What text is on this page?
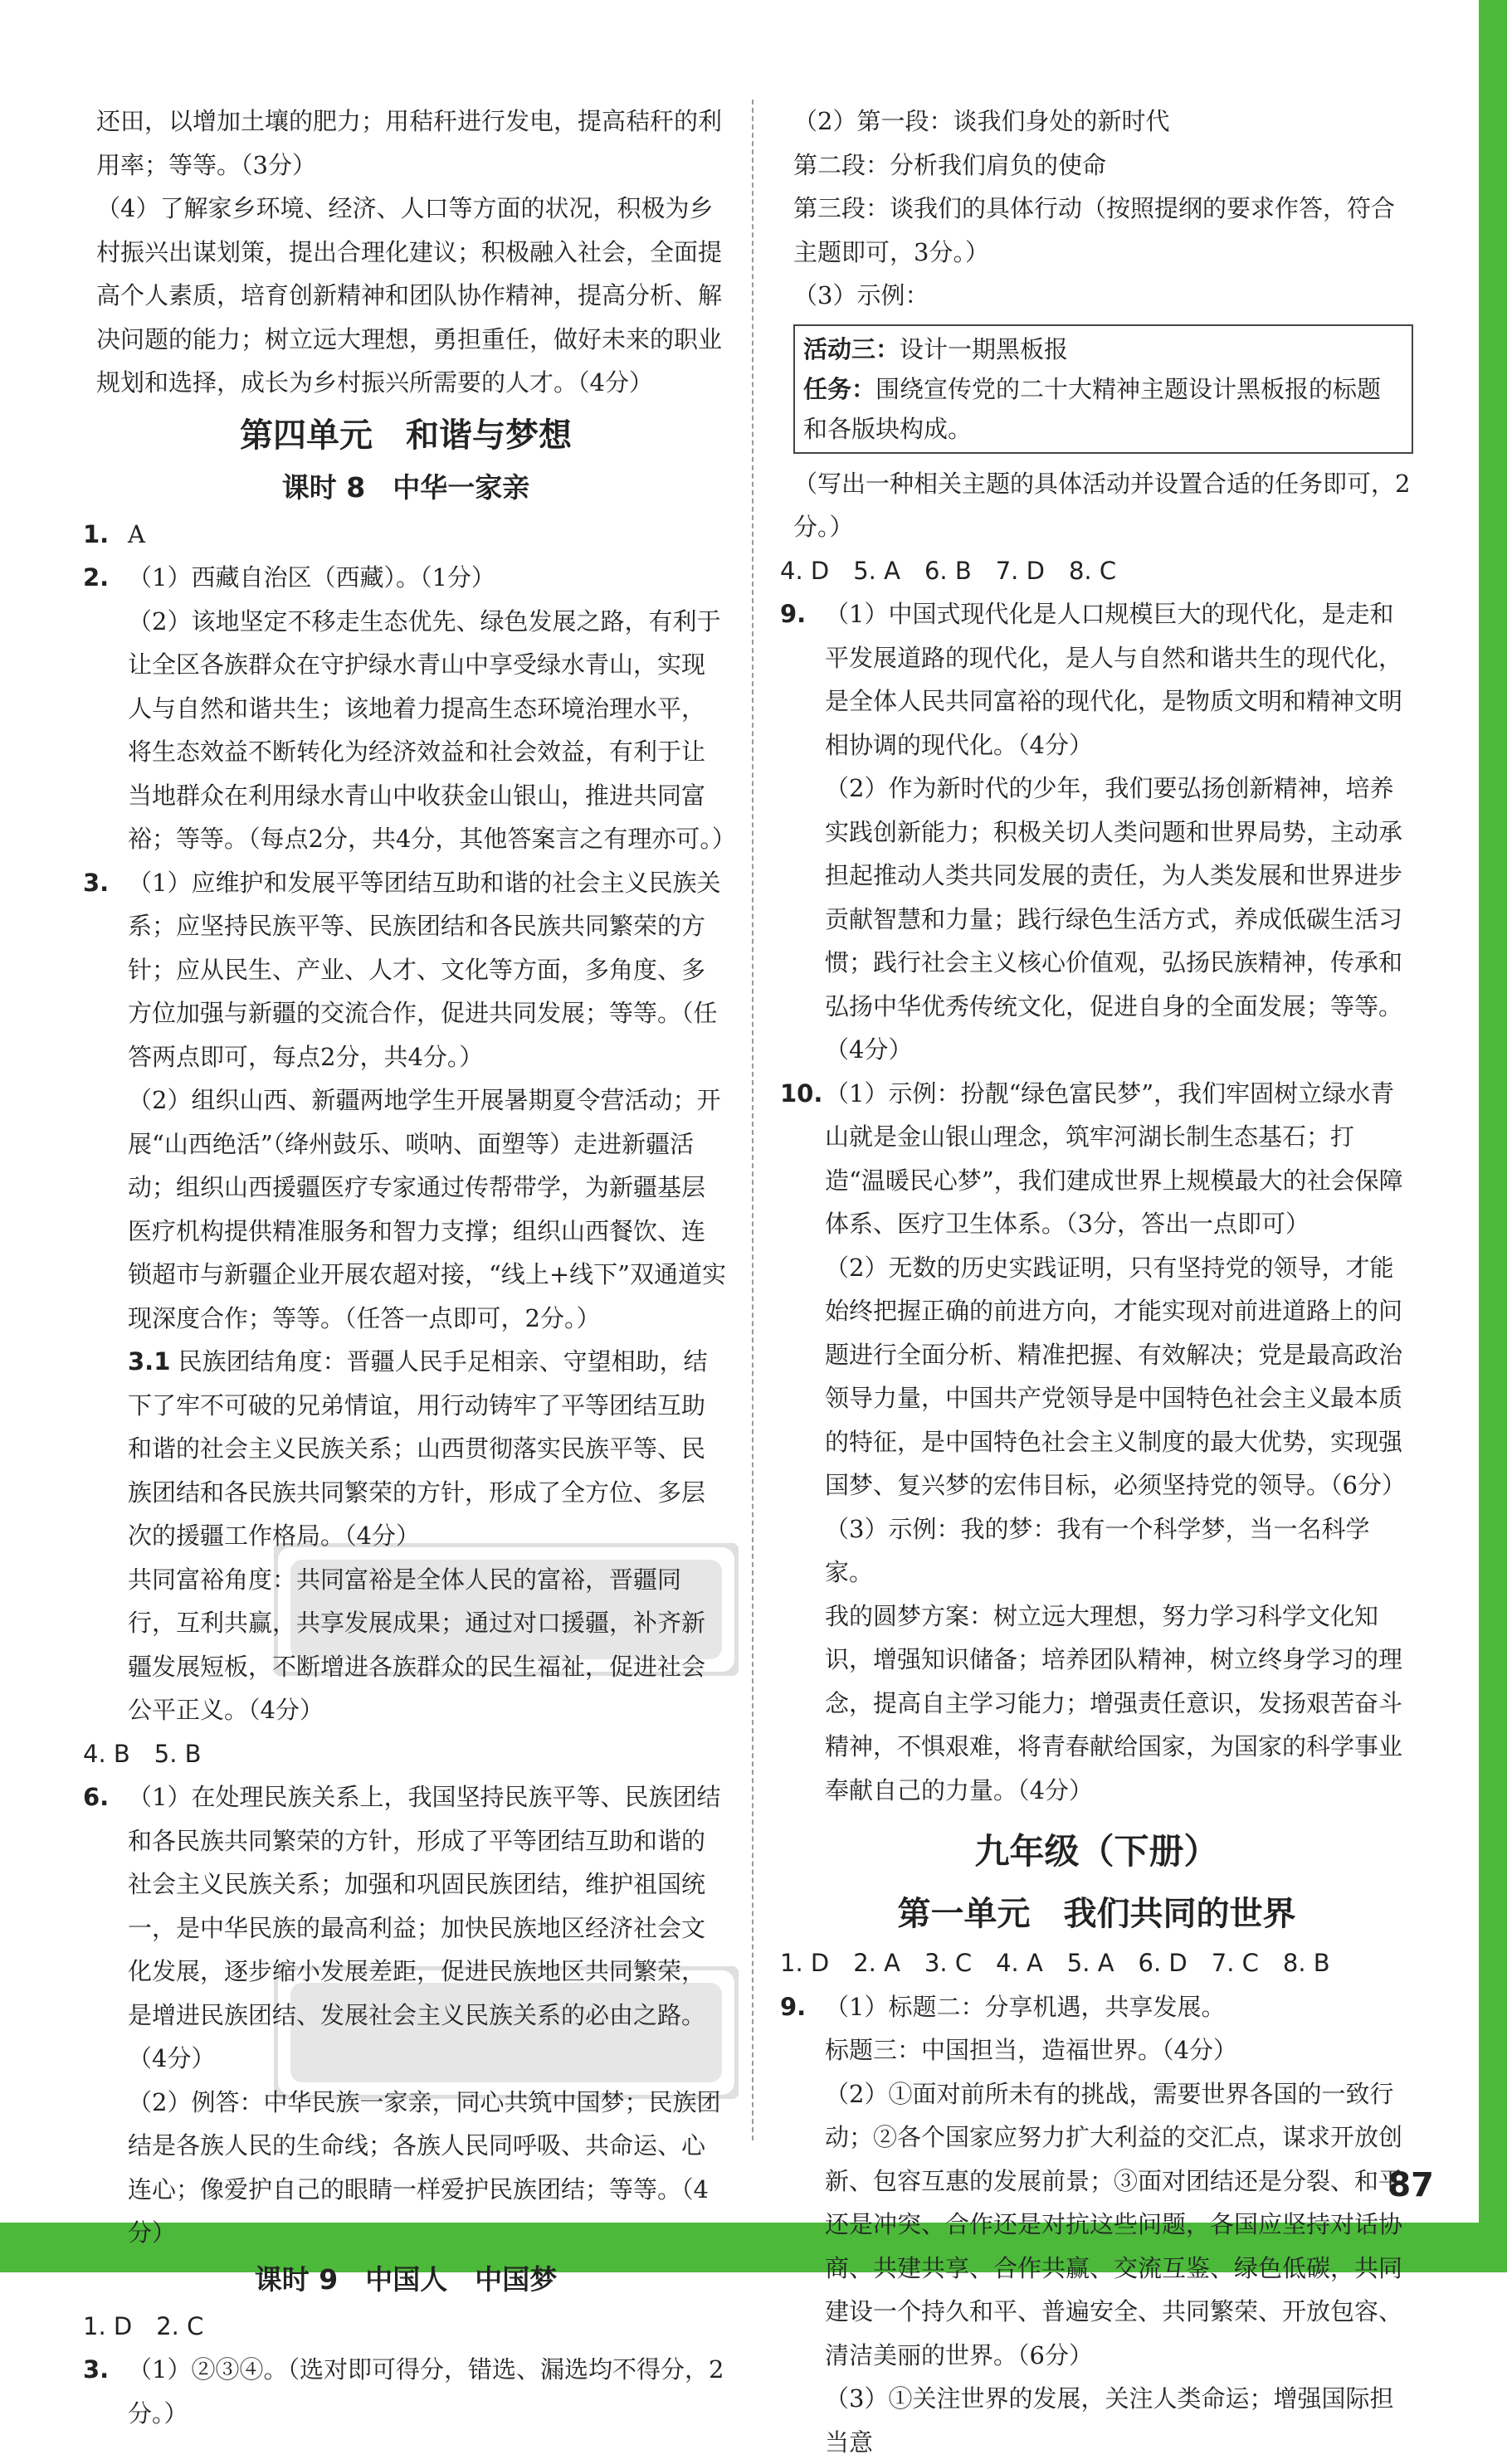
还田，以增加土壤的肥力；用秸秆进行发电，提高秸秆的利用率；等等。（3分）

（4）了解家乡环境、经济、人口等方面的状况，积极为乡村振兴出谋划策，提出合理化建议；积极融入社会，全面提高个人素质，培育创新精神和团队协作精神，提高分析、解决问题的能力；树立远大理想，勇担重任，做好未来的职业规划和选择，成长为乡村振兴所需要的人才。（4分）

第四单元　和谐与梦想
课时 8　中华一家亲
1. A
2. （1）西藏自治区（西藏）。（1分）
（2）该地坚定不移走生态优先、绿色发展之路，有利于让全区各族群众在守护绿水青山中享受绿水青山，实现人与自然和谐共生；该地着力提高生态环境治理水平，将生态效益不断转化为经济效益和社会效益，有利于让当地群众在利用绿水青山中收获金山银山，推进共同富裕；等等。（每点2分，共4分，其他答案言之有理亦可。）
3. （1）应维护和发展平等团结互助和谐的社会主义民族关系；应坚持民族平等、民族团结和各民族共同繁荣的方针；应从民生、产业、人才、文化等方面，多角度、多方位加强与新疆的交流合作，促进共同发展；等等。（任答两点即可，每点2分，共4分。）
（2）组织山西、新疆两地学生开展暑期夏令营活动；开展“山西绝活”（绛州鼓乐、唢呐、面塑等）走进新疆活动；组织山西援疆医疗专家通过传帮带学，为新疆基层医疗机构提供精准服务和智力支撑；组织山西餐饮、连锁超市与新疆企业开展农超对接，“线上+线下”双通道实现深度合作；等等。（任答一点即可，2分。）
3.1 民族团结角度：晋疆人民手足相亲、守望相助，结下了牢不可破的兄弟情谊，用行动铸牢了平等团结互助和谐的社会主义民族关系；山西贯彻落实民族平等、民族团结和各民族共同繁荣的方针，形成了全方位、多层次的援疆工作格局。（4分）
共同富裕角度：共同富裕是全体人民的富裕，晋疆同行，互利共赢，共享发展成果；通过对口援疆，补齐新疆发展短板，不断增进各族群众的民生福祉，促进社会公平正义。（4分）

4. B　5. B

6. （1）在处理民族关系上，我国坚持民族平等、民族团结和各民族共同繁荣的方针，形成了平等团结互助和谐的社会主义民族关系；加强和巩固民族团结，维护祖国统一，是中华民族的最高利益；加快民族地区经济社会文化发展，逐步缩小发展差距，促进民族地区共同繁荣，是增进民族团结、发展社会主义民族关系的必由之路。（4分）
（2）例答：中华民族一家亲，同心共筑中国梦；民族团结是各族人民的生命线；各族人民同呼吸、共命运、心连心；像爱护自己的眼睛一样爱护民族团结；等等。（4分）
课时 9　中国人　中国梦

1. D　2. C

3. （1）②③④。（选对即可得分，错选、漏选均不得分，2分。）

（2）第一段：谈我们身处的新时代

第二段：分析我们肩负的使命

第三段：谈我们的具体行动（按照提纲的要求作答，符合主题即可，3分。）

（3）示例：

活动三：设计一期黑板报
任务：围绕宣传党的二十大精神主题设计黑板报的标题和各版块构成。

（写出一种相关主题的具体活动并设置合适的任务即可，2分。）

4. D　5. A　6. B　7. D　8. C

9. （1）中国式现代化是人口规模巨大的现代化，是走和平发展道路的现代化，是人与自然和谐共生的现代化，是全体人民共同富裕的现代化，是物质文明和精神文明相协调的现代化。（4分）
（2）作为新时代的少年，我们要弘扬创新精神，培养实践创新能力；积极关切人类问题和世界局势，主动承担起推动人类共同发展的责任，为人类发展和世界进步贡献智慧和力量；践行绿色生活方式，养成低碳生活习惯；践行社会主义核心价值观，弘扬民族精神，传承和弘扬中华优秀传统文化，促进自身的全面发展；等等。（4分）
10. （1）示例：扮靓“绿色富民梦”，我们牢固树立绿水青山就是金山银山理念，筑牢河湖长制生态基石；打造“温暖民心梦”，我们建成世界上规模最大的社会保障体系、医疗卫生体系。（3分，答出一点即可）
（2）无数的历史实践证明，只有坚持党的领导，才能始终把握正确的前进方向，才能实现对前进道路上的问题进行全面分析、精准把握、有效解决；党是最高政治领导力量，中国共产党领导是中国特色社会主义最本质的特征，是中国特色社会主义制度的最大优势，实现强国梦、复兴梦的宏伟目标，必须坚持党的领导。（6分）
（3）示例：我的梦：我有一个科学梦，当一名科学家。
我的圆梦方案：树立远大理想，努力学习科学文化知识，增强知识储备；培养团队精神，树立终身学习的理念，提高自主学习能力；增强责任意识，发扬艰苦奋斗精神，不惧艰难，将青春献给国家，为国家的科学事业奉献自己的力量。（4分）
九年级（下册）
第一单元　我们共同的世界

1. D　2. A　3. C　4. A　5. A　6. D　7. C　8. B

9. （1）标题二：分享机遇，共享发展。
标题三：中国担当，造福世界。（4分）
（2）①面对前所未有的挑战，需要世界各国的一致行动；②各个国家应努力扩大利益的交汇点，谋求开放创新、包容互惠的发展前景；③面对团结还是分裂、和平还是冲突、合作还是对抗这些问题，各国应坚持对话协商、共建共享、合作共赢、交流互鉴、绿色低碳，共同建设一个持久和平、普遍安全、共同繁荣、开放包容、清洁美丽的世界。（6分）
（3）①关注世界的发展，关注人类命运；增强国际担当意
87
